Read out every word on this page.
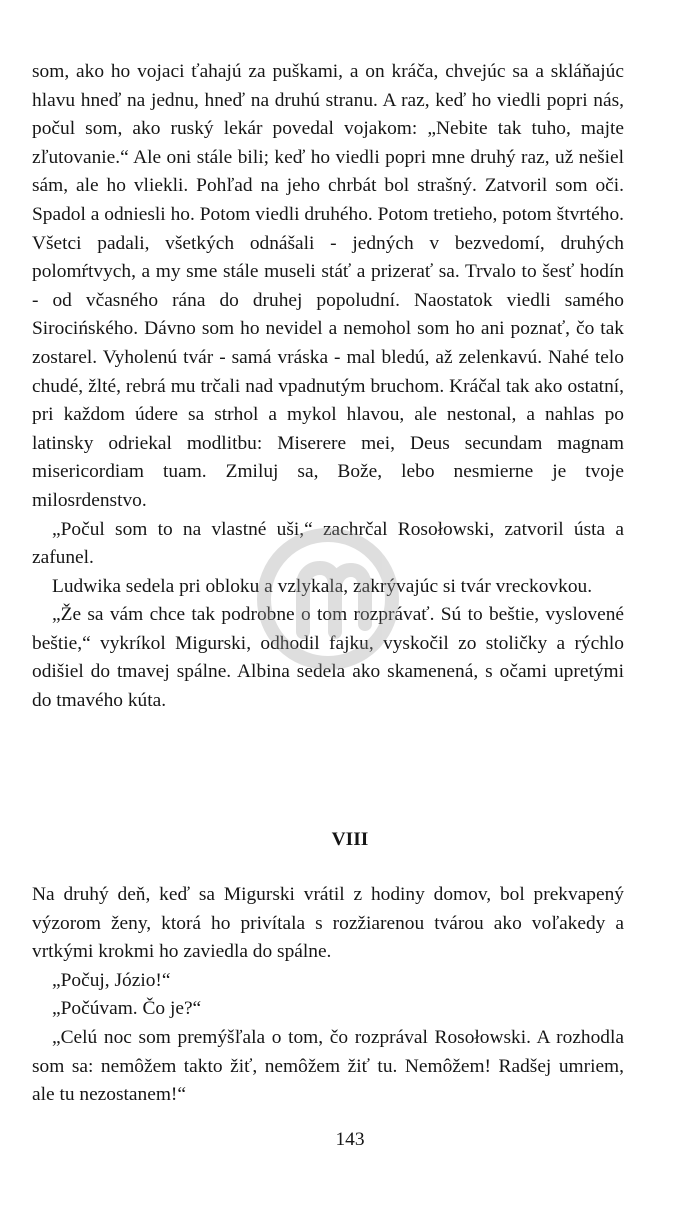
som, ako ho vojaci ťahajú za puškami, a on kráča, chvejúc sa a skláňajúc hlavu hneď na jednu, hneď na druhú stranu. A raz, keď ho viedli popri nás, počul som, ako ruský lekár povedal vojakom: „Nebite tak tuho, majte zľutovanie.“ Ale oni stále bili; keď ho viedli popri mne druhý raz, už nešiel sám, ale ho vliekli. Pohľad na jeho chrbát bol strašný. Zatvoril som oči. Spadol a odniesli ho. Potom viedli druhého. Potom tretieho, potom štvrtého. Všetci padali, všetkých odnášali - jedných v bezvedomí, druhých polomŕtvych, a my sme stále museli stáť a prizerať sa. Trvalo to šesť hodín - od včasného rána do druhej popoludní. Naostatok viedli samého Sirocińského. Dávno som ho nevidel a nemohol som ho ani poznať, čo tak zostarel. Vyholenú tvár - samá vráska - mal bledú, až zelenkavú. Nahé telo chudé, žlté, rebrá mu trčali nad vpadnutým bruchom. Kráčal tak ako ostatní, pri každom údere sa strhol a mykol hlavou, ale nestonal, a nahlas po latinsky odriekal modlitbu: Miserere mei, Deus secundam magnam misericordiam tuam. Zmiluj sa, Bože, lebo nesmierne je tvoje milosrdenstvo.

„Počul som to na vlastné uši,“ zachrčal Rosołowski, zatvoril ústa a zafunel.

Ludwika sedela pri obloku a vzlykala, zakrývajúc si tvár vreckovkou.

„Že sa vám chce tak podrobne o tom rozprávať. Sú to beštie, vyslovené beštie,“ vykríkol Migurski, odhodil fajku, vyskočil zo stoličky a rýchlo odišiel do tmavej spálne. Albina sedela ako skamenená, s očami upretými do tmavého kúta.

VIII

Na druhý deň, keď sa Migurski vrátil z hodiny domov, bol prekvapený výzorom ženy, ktorá ho privítala s rozžiarenou tvárou ako voľakedy a vrtkými krokmi ho zaviedla do spálne.

„Počuj, Józio!“

„Počúvam. Čo je?“

„Celú noc som premýšľala o tom, čo rozprával Rosołowski. A rozhodla som sa: nemôžem takto žiť, nemôžem žiť tu. Nemôžem! Radšej umriem, ale tu nezostanem!“

143
